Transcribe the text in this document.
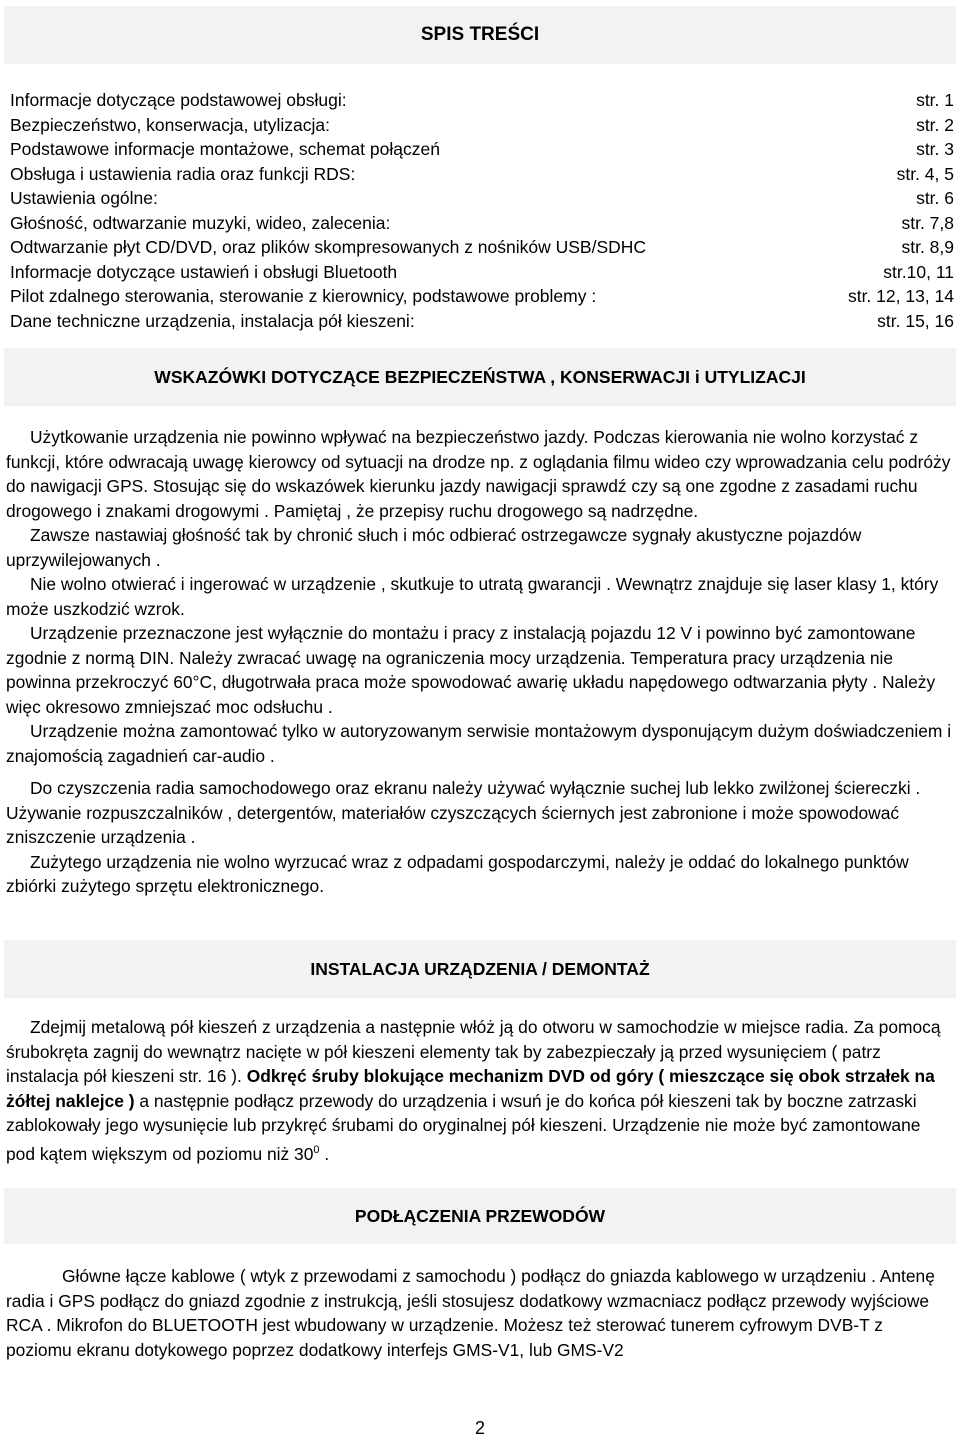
SPIS TREŚCI
Informacje dotyczące podstawowej obsługi:	str. 1
Bezpieczeństwo, konserwacja, utylizacja:	str. 2
Podstawowe informacje montażowe, schemat połączeń	str. 3
Obsługa i ustawienia radia oraz funkcji RDS:	str. 4, 5
Ustawienia ogólne:	str. 6
Głośność, odtwarzanie muzyki, wideo, zalecenia:	str. 7,8
Odtwarzanie płyt CD/DVD, oraz plików skompresowanych z nośników USB/SDHC	str. 8,9
Informacje dotyczące ustawień i obsługi Bluetooth	str.10, 11
Pilot zdalnego sterowania, sterowanie z kierownicy, podstawowe problemy :	str. 12, 13, 14
Dane techniczne urządzenia, instalacja pół kieszeni:	str. 15, 16
WSKAZÓWKI DOTYCZĄCE BEZPIECZEŃSTWA , KONSERWACJI i UTYLIZACJI

Użytkowanie urządzenia nie powinno wpływać na bezpieczeństwo jazdy. Podczas kierowania nie wolno korzystać z funkcji, które odwracają uwagę kierowcy od sytuacji na drodze np. z oglądania filmu wideo czy wprowadzania celu podróży do nawigacji GPS. Stosując się do wskazówek kierunku jazdy nawigacji sprawdź czy są one zgodne z zasadami ruchu drogowego i znakami drogowymi . Pamiętaj , że przepisy ruchu drogowego są nadrzędne.

Zawsze nastawiaj głośność tak by chronić słuch i móc odbierać ostrzegawcze sygnały akustyczne pojazdów uprzywilejowanych .

Nie wolno otwierać i ingerować w urządzenie , skutkuje to utratą gwarancji . Wewnątrz znajduje się laser klasy 1, który może uszkodzić wzrok.

Urządzenie przeznaczone jest wyłącznie do montażu i pracy z instalacją pojazdu 12 V i powinno być zamontowane zgodnie z normą DIN. Należy zwracać uwagę na ograniczenia mocy urządzenia. Temperatura pracy urządzenia nie powinna przekroczyć 60°C, długotrwała praca może spowodować awarię układu napędowego odtwarzania płyty . Należy więc okresowo zmniejszać moc odsłuchu .

Urządzenie można zamontować tylko w autoryzowanym serwisie montażowym dysponującym dużym doświadczeniem i znajomością zagadnień car-audio .

Do czyszczenia radia samochodowego oraz ekranu należy używać wyłącznie suchej lub lekko zwilżonej ściereczki . Używanie rozpuszczalników , detergentów, materiałów czyszczących ściernych jest zabronione i może spowodować zniszczenie urządzenia .

Zużytego urządzenia nie wolno wyrzucać wraz z odpadami gospodarczymi, należy je oddać do lokalnego punktów zbiórki zużytego sprzętu elektronicznego.

INSTALACJA URZĄDZENIA / DEMONTAŻ

Zdejmij metalową pół kieszeń z urządzenia a następnie włóż ją do otworu w samochodzie w miejsce radia. Za pomocą śrubokręta zagnij do wewnątrz nacięte w pół kieszeni elementy tak by zabezpieczały ją przed wysunięciem ( patrz instalacja pół kieszeni str. 16 ). Odkręć śruby blokujące mechanizm DVD od góry ( mieszczące się obok strzałek na żółtej naklejce ) a następnie podłącz przewody do urządzenia i wsuń je do końca pół kieszeni tak by boczne zatrzaski zablokowały jego wysunięcie lub przykręć śrubami do oryginalnej pół kieszeni. Urządzenie nie może być zamontowane pod kątem większym od poziomu niż $30^0$ .

PODŁĄCZENIA PRZEWODÓW

Główne łącze kablowe ( wtyk z przewodami z samochodu ) podłącz do gniazda kablowego w urządzeniu . Antenę radia i GPS podłącz do gniazd zgodnie z instrukcją, jeśli stosujesz dodatkowy wzmacniacz podłącz przewody wyjściowe RCA . Mikrofon do BLUETOOTH jest wbudowany w urządzenie. Możesz też sterować tunerem cyfrowym DVB-T z poziomu ekranu dotykowego poprzez dodatkowy interfejs GMS-V1, lub GMS-V2

2
